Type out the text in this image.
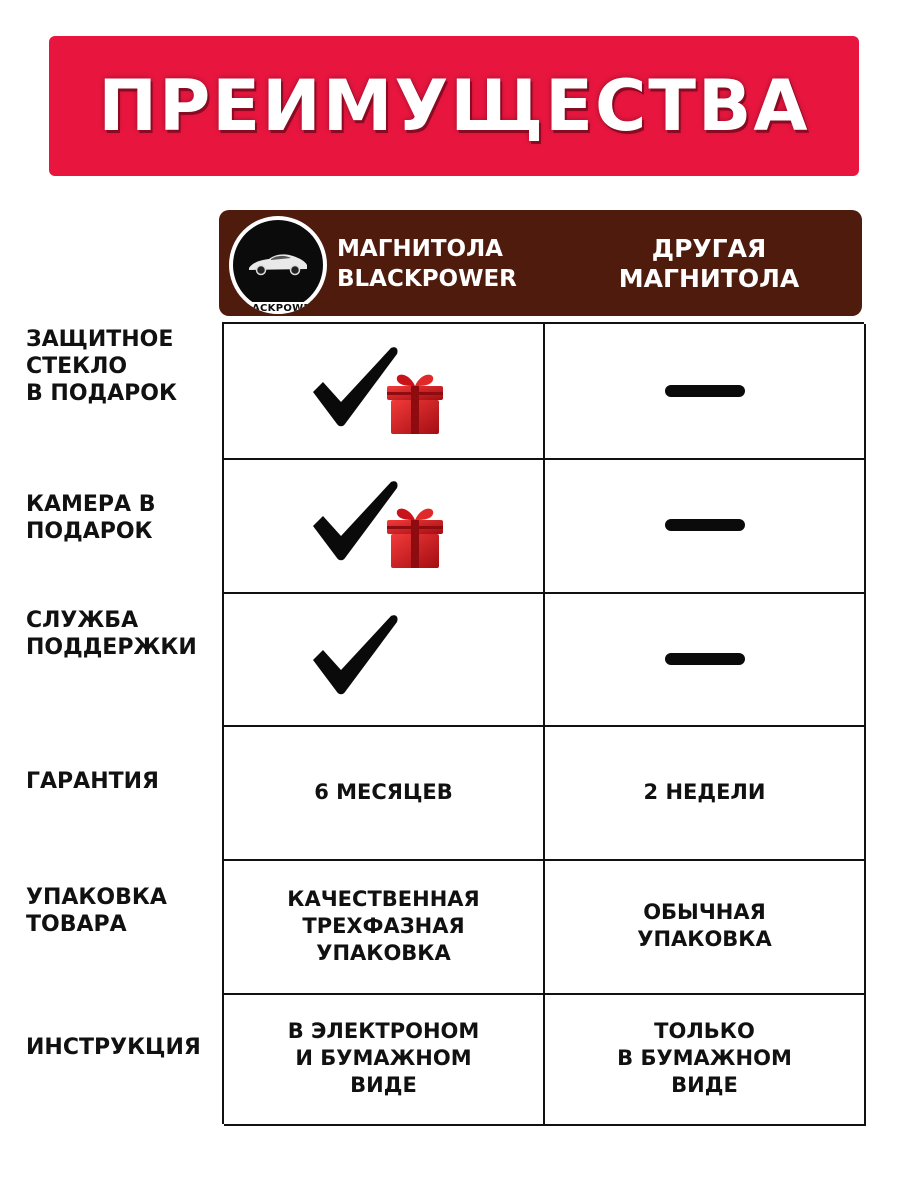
ПРЕИМУЩЕСТВА
BLACKPOWER
МАГНИТОЛА
BLACKPOWER
ДРУГАЯ
МАГНИТОЛА
ЗАЩИТНОЕ
СТЕКЛО
В ПОДАРОК
КАМЕРА В
ПОДАРОК
СЛУЖБА
ПОДДЕРЖКИ
ГАРАНТИЯ
УПАКОВКА
ТОВАРА
ИНСТРУКЦИЯ
6 МЕСЯЦЕВ	2 НЕДЕЛИ
КАЧЕСТВЕННАЯ
ТРЕХФАЗНАЯ
УПАКОВКА
ОБЫЧНАЯ
УПАКОВКА
В ЭЛЕКТРОНОМ
И БУМАЖНОМ
ВИДЕ
ТОЛЬКО
В БУМАЖНОМ
ВИДЕ
